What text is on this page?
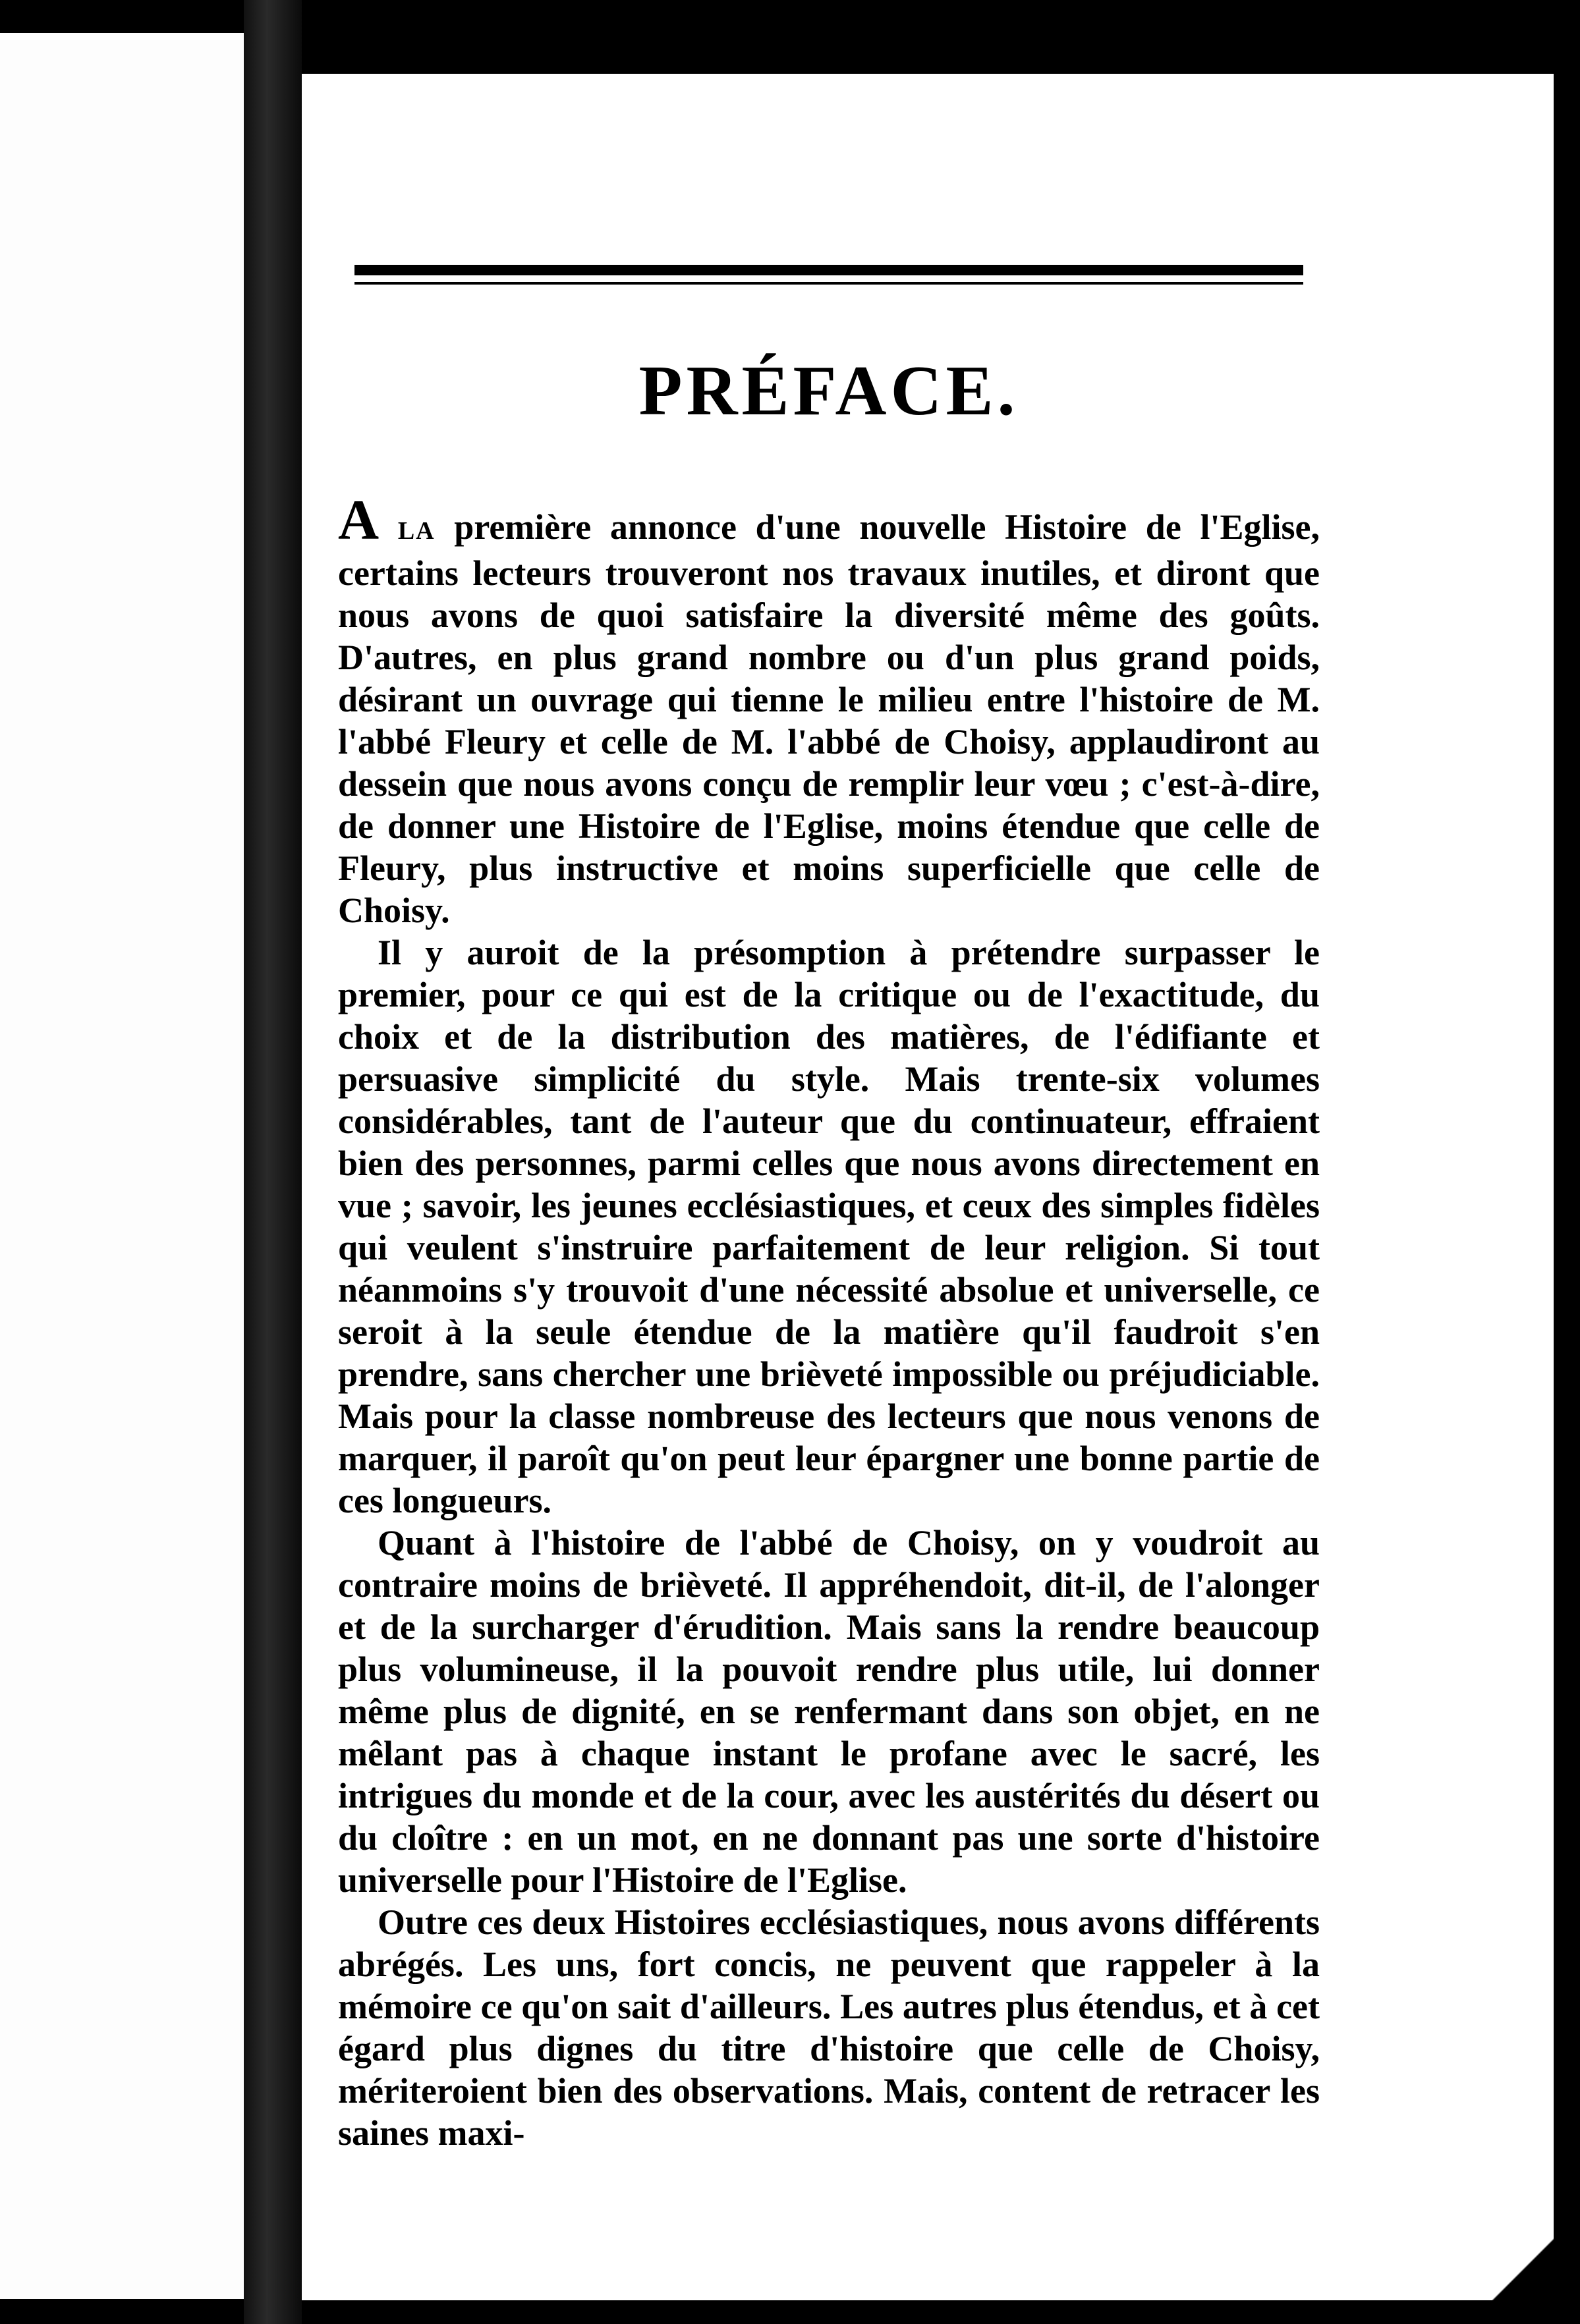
PRÉFACE.

A LA première annonce d'une nouvelle Histoire de l'Eglise, certains lecteurs trouveront nos travaux inutiles, et diront que nous avons de quoi satisfaire la diversité même des goûts. D'autres, en plus grand nombre ou d'un plus grand poids, désirant un ouvrage qui tienne le milieu entre l'histoire de M. l'abbé Fleury et celle de M. l'abbé de Choisy, applaudiront au dessein que nous avons conçu de remplir leur vœu ; c'est-à-dire, de donner une Histoire de l'Eglise, moins étendue que celle de Fleury, plus instructive et moins superficielle que celle de Choisy.

Il y auroit de la présomption à prétendre surpasser le premier, pour ce qui est de la critique ou de l'exactitude, du choix et de la distribution des matières, de l'édifiante et persuasive simplicité du style. Mais trente-six volumes considérables, tant de l'auteur que du continuateur, effraient bien des personnes, parmi celles que nous avons directement en vue ; savoir, les jeunes ecclésiastiques, et ceux des simples fidèles qui veulent s'instruire parfaitement de leur religion. Si tout néanmoins s'y trouvoit d'une nécessité absolue et universelle, ce seroit à la seule étendue de la matière qu'il faudroit s'en prendre, sans chercher une brièveté impossible ou préjudiciable. Mais pour la classe nombreuse des lecteurs que nous venons de marquer, il paroît qu'on peut leur épargner une bonne partie de ces longueurs.

Quant à l'histoire de l'abbé de Choisy, on y voudroit au contraire moins de brièveté. Il appréhendoit, dit-il, de l'alonger et de la surcharger d'érudition. Mais sans la rendre beaucoup plus volumineuse, il la pouvoit rendre plus utile, lui donner même plus de dignité, en se renfermant dans son objet, en ne mêlant pas à chaque instant le profane avec le sacré, les intrigues du monde et de la cour, avec les austérités du désert ou du cloître : en un mot, en ne donnant pas une sorte d'histoire universelle pour l'Histoire de l'Eglise.

Outre ces deux Histoires ecclésiastiques, nous avons différents abrégés. Les uns, fort concis, ne peuvent que rappeler à la mémoire ce qu'on sait d'ailleurs. Les autres plus étendus, et à cet égard plus dignes du titre d'histoire que celle de Choisy, mériteroient bien des observations. Mais, content de retracer les saines maxi-
